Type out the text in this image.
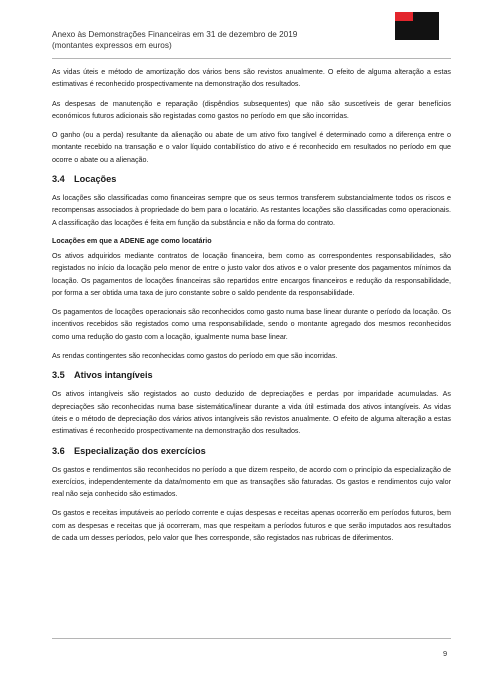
Anexo às Demonstrações Financeiras em 31 de dezembro de 2019
(montantes expressos em euros)

As vidas úteis e método de amortização dos vários bens são revistos anualmente. O efeito de alguma alteração a estas estimativas é reconhecido prospectivamente na demonstração dos resultados.

As despesas de manutenção e reparação (dispêndios subsequentes) que não são suscetíveis de gerar benefícios económicos futuros adicionais são registadas como gastos no período em que são incorridas.

O ganho (ou a perda) resultante da alienação ou abate de um ativo fixo tangível é determinado como a diferença entre o montante recebido na transação e o valor líquido contabilístico do ativo e é reconhecido em resultados no período em que ocorre o abate ou a alienação.

3.4 Locações

As locações são classificadas como financeiras sempre que os seus termos transferem substancialmente todos os riscos e recompensas associados à propriedade do bem para o locatário. As restantes locações são classificadas como operacionais. A classificação das locações é feita em função da substância e não da forma do contrato.

Locações em que a ADENE age como locatário

Os ativos adquiridos mediante contratos de locação financeira, bem como as correspondentes responsabilidades, são registados no início da locação pelo menor de entre o justo valor dos ativos e o valor presente dos pagamentos mínimos da locação. Os pagamentos de locações financeiras são repartidos entre encargos financeiros e redução da responsabilidade, por forma a ser obtida uma taxa de juro constante sobre o saldo pendente da responsabilidade.

Os pagamentos de locações operacionais são reconhecidos como gasto numa base linear durante o período da locação. Os incentivos recebidos são registados como uma responsabilidade, sendo o montante agregado dos mesmos reconhecidos como uma redução do gasto com a locação, igualmente numa base linear.

As rendas contingentes são reconhecidas como gastos do período em que são incorridas.

3.5 Ativos intangíveis

Os ativos intangíveis são registados ao custo deduzido de depreciações e perdas por imparidade acumuladas. As depreciações são reconhecidas numa base sistemática/linear durante a vida útil estimada dos ativos intangíveis. As vidas úteis e o método de depreciação dos vários ativos intangíveis são revistos anualmente. O efeito de alguma alteração a estas estimativas é reconhecido prospectivamente na demonstração dos resultados.

3.6 Especialização dos exercícios

Os gastos e rendimentos são reconhecidos no período a que dizem respeito, de acordo com o princípio da especialização de exercícios, independentemente da data/momento em que as transações são faturadas. Os gastos e rendimentos cujo valor real não seja conhecido são estimados.

Os gastos e receitas imputáveis ao período corrente e cujas despesas e receitas apenas ocorrerão em períodos futuros, bem com as despesas e receitas que já ocorreram, mas que respeitam a períodos futuros e que serão imputados aos resultados de cada um desses períodos, pelo valor que lhes corresponde, são registados nas rubricas de diferimentos.

9
